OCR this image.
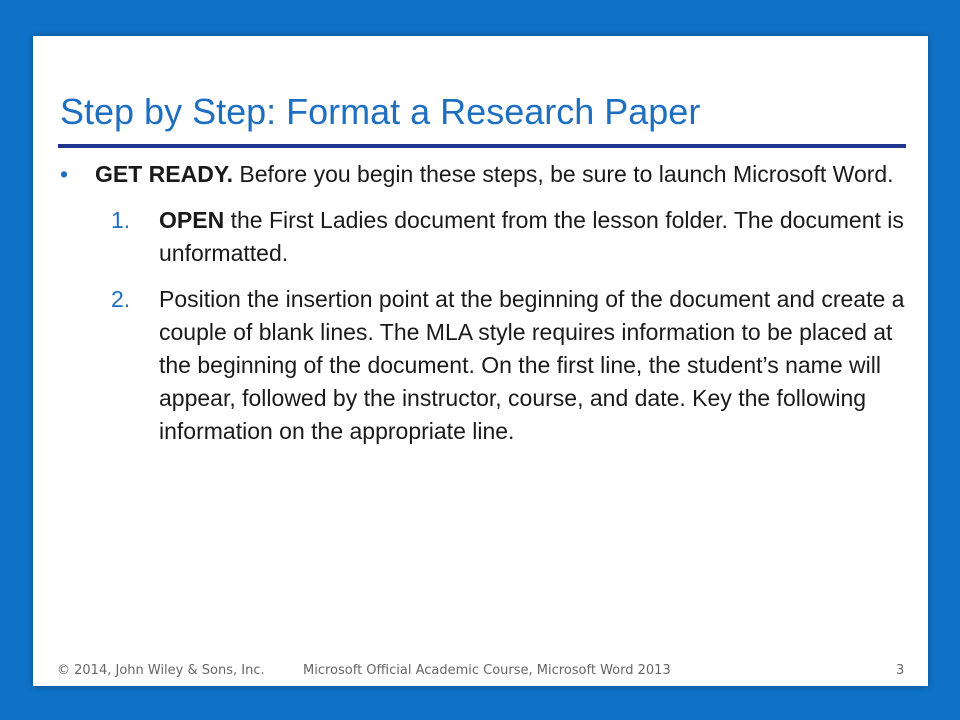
Step by Step: Format a Research Paper
• GET READY. Before you begin these steps, be sure to launch Microsoft Word.
1. OPEN the First Ladies document from the lesson folder. The document is unformatted.
2. Position the insertion point at the beginning of the document and create a couple of blank lines. The MLA style requires information to be placed at the beginning of the document. On the first line, the student’s name will appear, followed by the instructor, course, and date. Key the following information on the appropriate line.
© 2014, John Wiley & Sons, Inc.	Microsoft Official Academic Course, Microsoft Word 2013	3
